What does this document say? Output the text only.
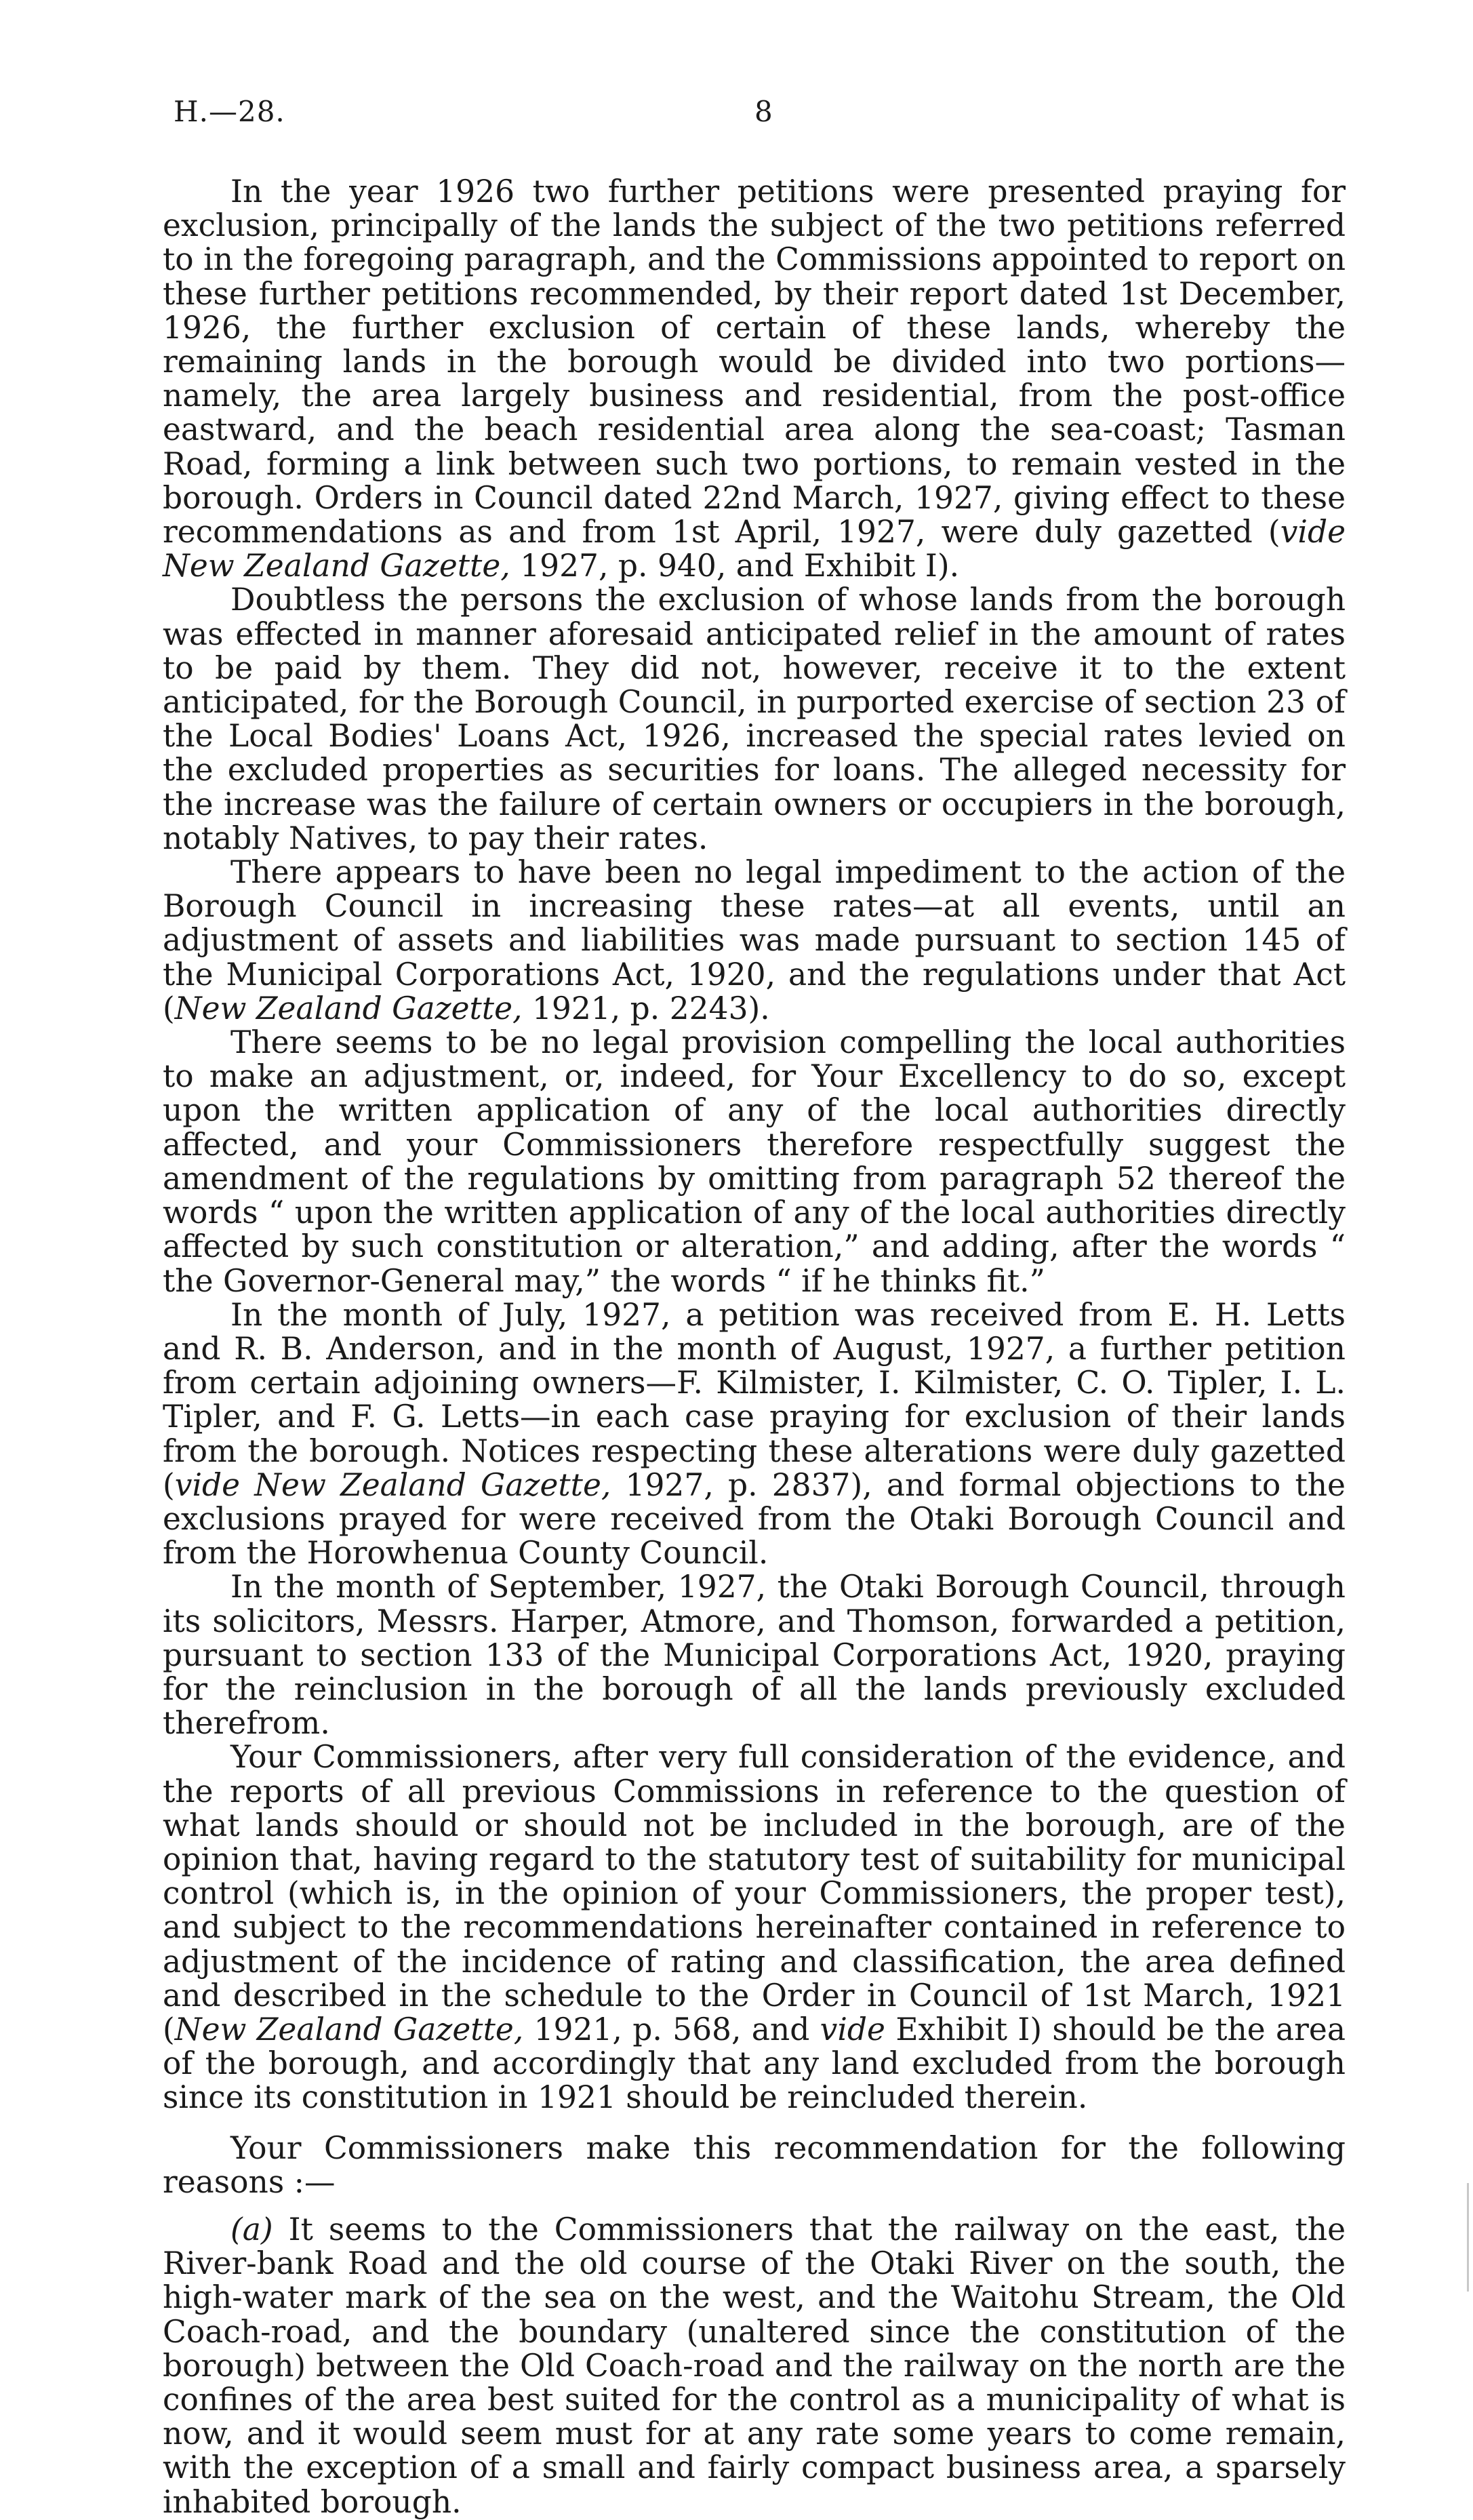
H.—28.	8

In the year 1926 two further petitions were presented praying for exclusion, principally of the lands the subject of the two petitions referred to in the foregoing paragraph, and the Commissions appointed to report on these further petitions recommended, by their report dated 1st December, 1926, the further exclusion of certain of these lands, whereby the remaining lands in the borough would be divided into two portions—namely, the area largely business and residential, from the post-office eastward, and the beach residential area along the sea-coast; Tasman Road, forming a link between such two portions, to remain vested in the borough. Orders in Council dated 22nd March, 1927, giving effect to these recommendations as and from 1st April, 1927, were duly gazetted (vide New Zealand Gazette, 1927, p. 940, and Exhibit I).

Doubtless the persons the exclusion of whose lands from the borough was effected in manner aforesaid anticipated relief in the amount of rates to be paid by them. They did not, however, receive it to the extent anticipated, for the Borough Council, in purported exercise of section 23 of the Local Bodies' Loans Act, 1926, increased the special rates levied on the excluded properties as securities for loans. The alleged necessity for the increase was the failure of certain owners or occupiers in the borough, notably Natives, to pay their rates.

There appears to have been no legal impediment to the action of the Borough Council in increasing these rates—at all events, until an adjustment of assets and liabilities was made pursuant to section 145 of the Municipal Corporations Act, 1920, and the regulations under that Act (New Zealand Gazette, 1921, p. 2243).

There seems to be no legal provision compelling the local authorities to make an adjustment, or, indeed, for Your Excellency to do so, except upon the written application of any of the local authorities directly affected, and your Commissioners therefore respectfully suggest the amendment of the regulations by omitting from paragraph 52 thereof the words “ upon the written application of any of the local authorities directly affected by such constitution or alteration,” and adding, after the words “ the Governor-General may,” the words “ if he thinks fit.”

In the month of July, 1927, a petition was received from E. H. Letts and R. B. Anderson, and in the month of August, 1927, a further petition from certain adjoining owners—F. Kilmister, I. Kilmister, C. O. Tipler, I. L. Tipler, and F. G. Letts—in each case praying for exclusion of their lands from the borough. Notices respecting these alterations were duly gazetted (vide New Zealand Gazette, 1927, p. 2837), and formal objections to the exclusions prayed for were received from the Otaki Borough Council and from the Horowhenua County Council.

In the month of September, 1927, the Otaki Borough Council, through its solicitors, Messrs. Harper, Atmore, and Thomson, forwarded a petition, pursuant to section 133 of the Municipal Corporations Act, 1920, praying for the reinclusion in the borough of all the lands previously excluded therefrom.

Your Commissioners, after very full consideration of the evidence, and the reports of all previous Commissions in reference to the question of what lands should or should not be included in the borough, are of the opinion that, having regard to the statutory test of suitability for municipal control (which is, in the opinion of your Commissioners, the proper test), and subject to the recommendations hereinafter contained in reference to adjustment of the incidence of rating and classification, the area defined and described in the schedule to the Order in Council of 1st March, 1921 (New Zealand Gazette, 1921, p. 568, and vide Exhibit I) should be the area of the borough, and accordingly that any land excluded from the borough since its constitution in 1921 should be reincluded therein.

Your Commissioners make this recommendation for the following reasons :—

(a) It seems to the Commissioners that the railway on the east, the River-bank Road and the old course of the Otaki River on the south, the high-water mark of the sea on the west, and the Waitohu Stream, the Old Coach-road, and the boundary (unaltered since the constitution of the borough) between the Old Coach-road and the railway on the north are the confines of the area best suited for the control as a municipality of what is now, and it would seem must for at any rate some years to come remain, with the exception of a small and fairly compact business area, a sparsely inhabited borough.
